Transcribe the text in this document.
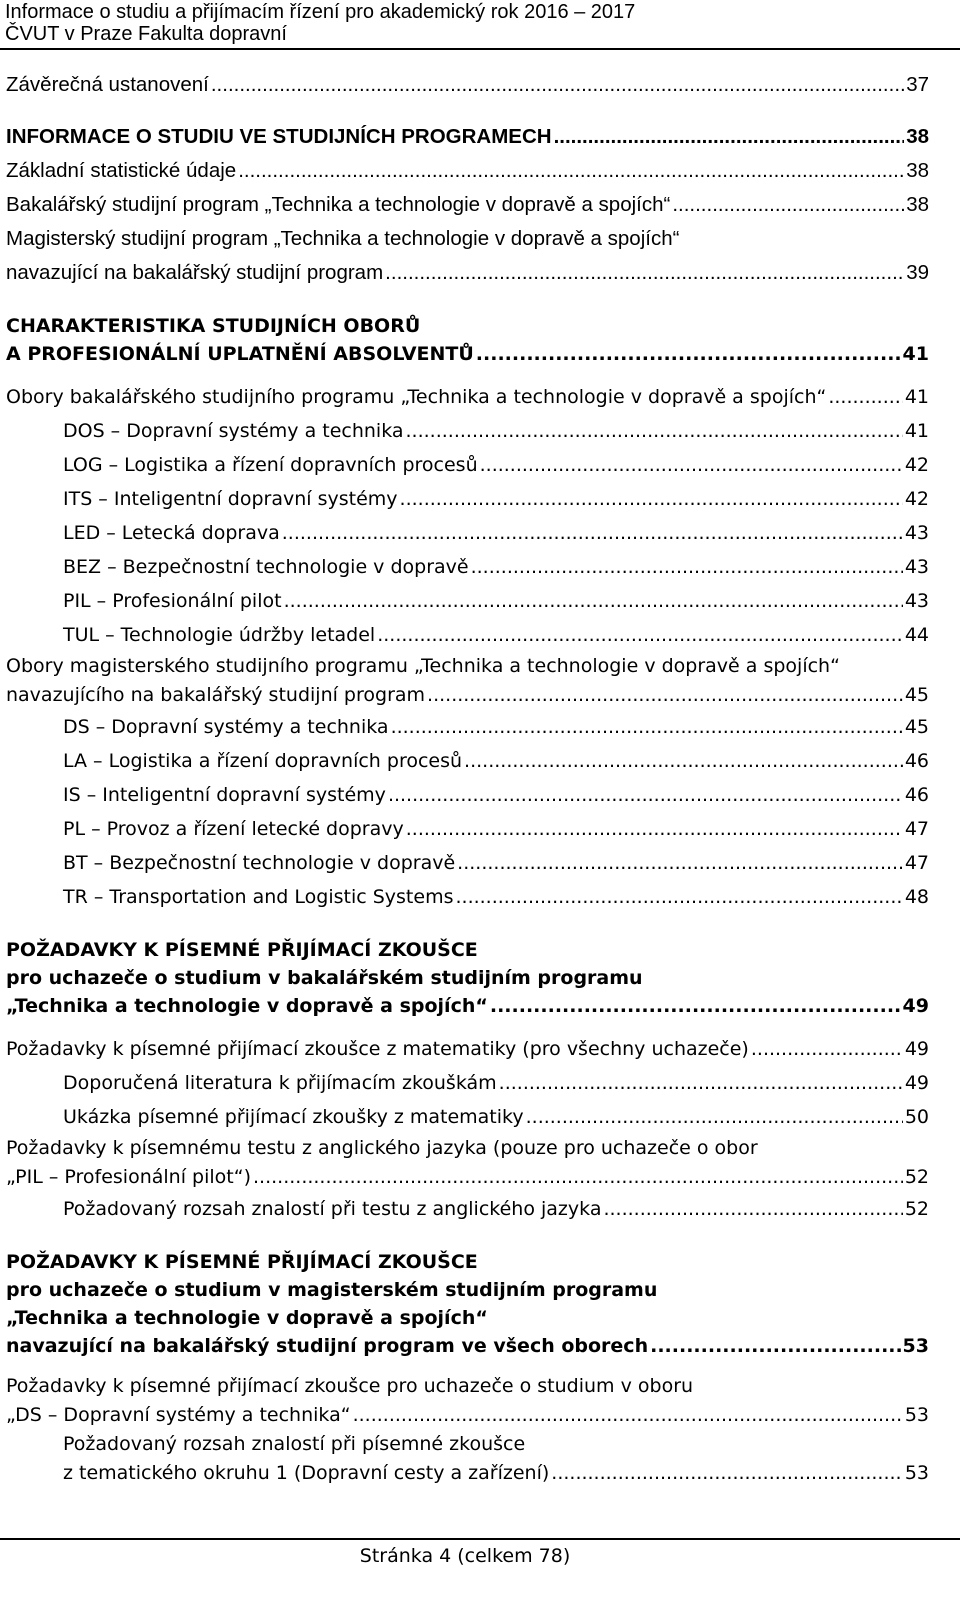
Informace o studiu a přijímacím řízení pro akademický rok 2016 – 2017
ČVUT v Praze Fakulta dopravní
Závěrečná ustanovení .....	37
INFORMACE O STUDIU VE STUDIJNÍCH PROGRAMECH .....	38
Základní statistické údaje .....	38
Bakalářský studijní program „Technika a technologie v dopravě a spojích“ .....	38
Magisterský studijní program „Technika a technologie v dopravě a spojích“
navazující na bakalářský studijní program .....	39
CHARAKTERISTIKA STUDIJNÍCH OBORŮ
A PROFESIONÁLNÍ UPLATNĚNÍ ABSOLVENTŮ .....	41
Obory bakalářského studijního programu „Technika a technologie v dopravě a spojích“ .....	41
DOS – Dopravní systémy a technika .....	41
LOG – Logistika a řízení dopravních procesů .....	42
ITS – Inteligentní dopravní systémy .....	42
LED – Letecká doprava .....	43
BEZ – Bezpečnostní technologie v dopravě .....	43
PIL – Profesionální pilot .....	43
TUL – Technologie údržby letadel .....	44
Obory magisterského studijního programu „Technika a technologie v dopravě a spojích“
navazujícího na bakalářský studijní program .....	45
DS – Dopravní systémy a technika .....	45
LA – Logistika a řízení dopravních procesů .....	46
IS – Inteligentní dopravní systémy .....	46
PL – Provoz a řízení letecké dopravy .....	47
BT – Bezpečnostní technologie v dopravě .....	47
TR – Transportation and Logistic Systems .....	48
POŽADAVKY K PÍSEMNÉ PŘIJÍMACÍ ZKOUŠCE
pro uchazeče o studium v bakalářském studijním programu
„Technika a technologie v dopravě a spojích“ .....	49
Požadavky k písemné přijímací zkoušce z matematiky (pro všechny uchazeče) .....	49
Doporučená literatura k přijímacím zkouškám .....	49
Ukázka písemné přijímací zkoušky z matematiky .....	50
Požadavky k písemnému testu z anglického jazyka (pouze pro uchazeče o obor
„PIL – Profesionální pilot“) .....	52
Požadovaný rozsah znalostí při testu z anglického jazyka .....	52
POŽADAVKY K PÍSEMNÉ PŘIJÍMACÍ ZKOUŠCE
pro uchazeče o studium v magisterském studijním programu
„Technika a technologie v dopravě a spojích“
navazující na bakalářský studijní program ve všech oborech .....	53
Požadavky k písemné přijímací zkoušce pro uchazeče o studium v oboru
„DS – Dopravní systémy a technika“ .....	53
Požadovaný rozsah znalostí při písemné zkoušce
z tematického okruhu 1 (Dopravní cesty a zařízení) .....	53
Stránka 4 (celkem 78)
